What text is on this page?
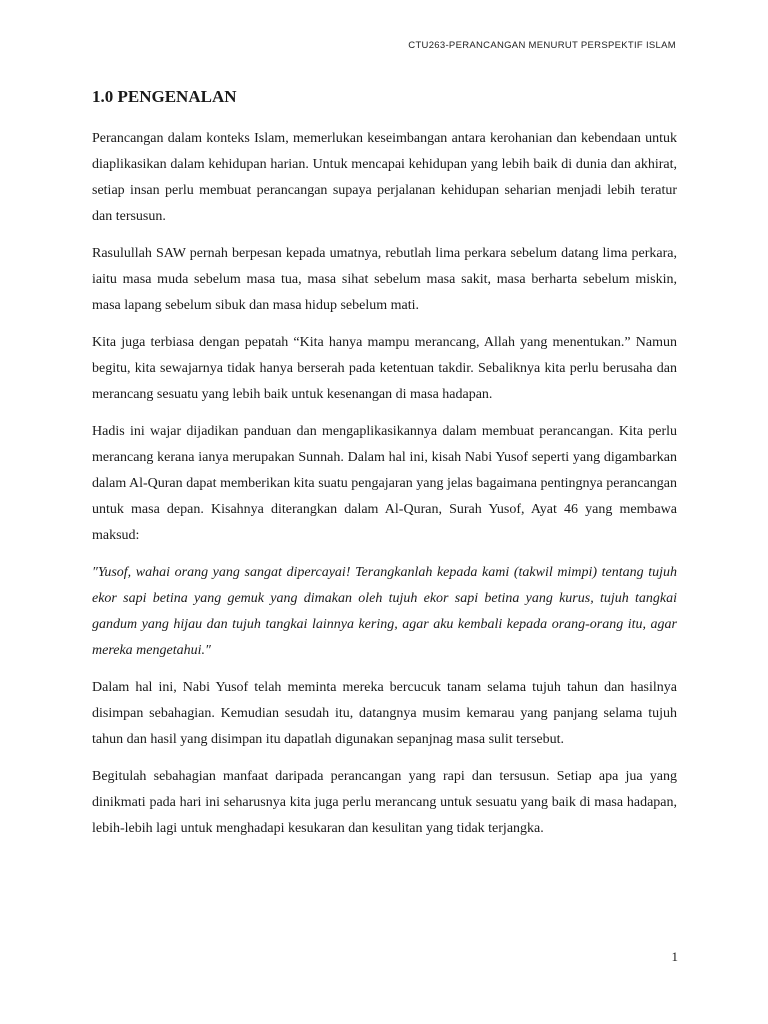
CTU263-PERANCANGAN MENURUT PERSPEKTIF ISLAM
1.0 PENGENALAN

Perancangan dalam konteks Islam, memerlukan keseimbangan antara kerohanian dan kebendaan untuk diaplikasikan dalam kehidupan harian. Untuk mencapai kehidupan yang lebih baik di dunia dan akhirat, setiap insan perlu membuat perancangan supaya perjalanan kehidupan seharian menjadi lebih teratur dan tersusun.

Rasulullah SAW pernah berpesan kepada umatnya, rebutlah lima perkara sebelum datang lima perkara, iaitu masa muda sebelum masa tua, masa sihat sebelum masa sakit, masa berharta sebelum miskin, masa lapang sebelum sibuk dan masa hidup sebelum mati.

Kita juga terbiasa dengan pepatah “Kita hanya mampu merancang, Allah yang menentukan.” Namun begitu, kita sewajarnya tidak hanya berserah pada ketentuan takdir. Sebaliknya kita perlu berusaha dan merancang sesuatu yang lebih baik untuk kesenangan di masa hadapan.

Hadis ini wajar dijadikan panduan dan mengaplikasikannya dalam membuat perancangan. Kita perlu merancang kerana ianya merupakan Sunnah. Dalam hal ini, kisah Nabi Yusof seperti yang digambarkan dalam Al-Quran dapat memberikan kita suatu pengajaran yang jelas bagaimana pentingnya perancangan untuk masa depan. Kisahnya diterangkan dalam Al-Quran, Surah Yusof, Ayat 46 yang membawa maksud:

″Yusof, wahai orang yang sangat dipercayai! Terangkanlah kepada kami (takwil mimpi) tentang tujuh ekor sapi betina yang gemuk yang dimakan oleh tujuh ekor sapi betina yang kurus, tujuh tangkai gandum yang hijau dan tujuh tangkai lainnya kering, agar aku kembali kepada orang-orang itu, agar mereka mengetahui.″

Dalam hal ini, Nabi Yusof telah meminta mereka bercucuk tanam selama tujuh tahun dan hasilnya disimpan sebahagian. Kemudian sesudah itu, datangnya musim kemarau yang panjang selama tujuh tahun dan hasil yang disimpan itu dapatlah digunakan sepanjnag masa sulit tersebut.

Begitulah sebahagian manfaat daripada perancangan yang rapi dan tersusun. Setiap apa jua yang dinikmati pada hari ini seharusnya kita juga perlu merancang untuk sesuatu yang baik di masa hadapan, lebih-lebih lagi untuk menghadapi kesukaran dan kesulitan yang tidak terjangka.

1
